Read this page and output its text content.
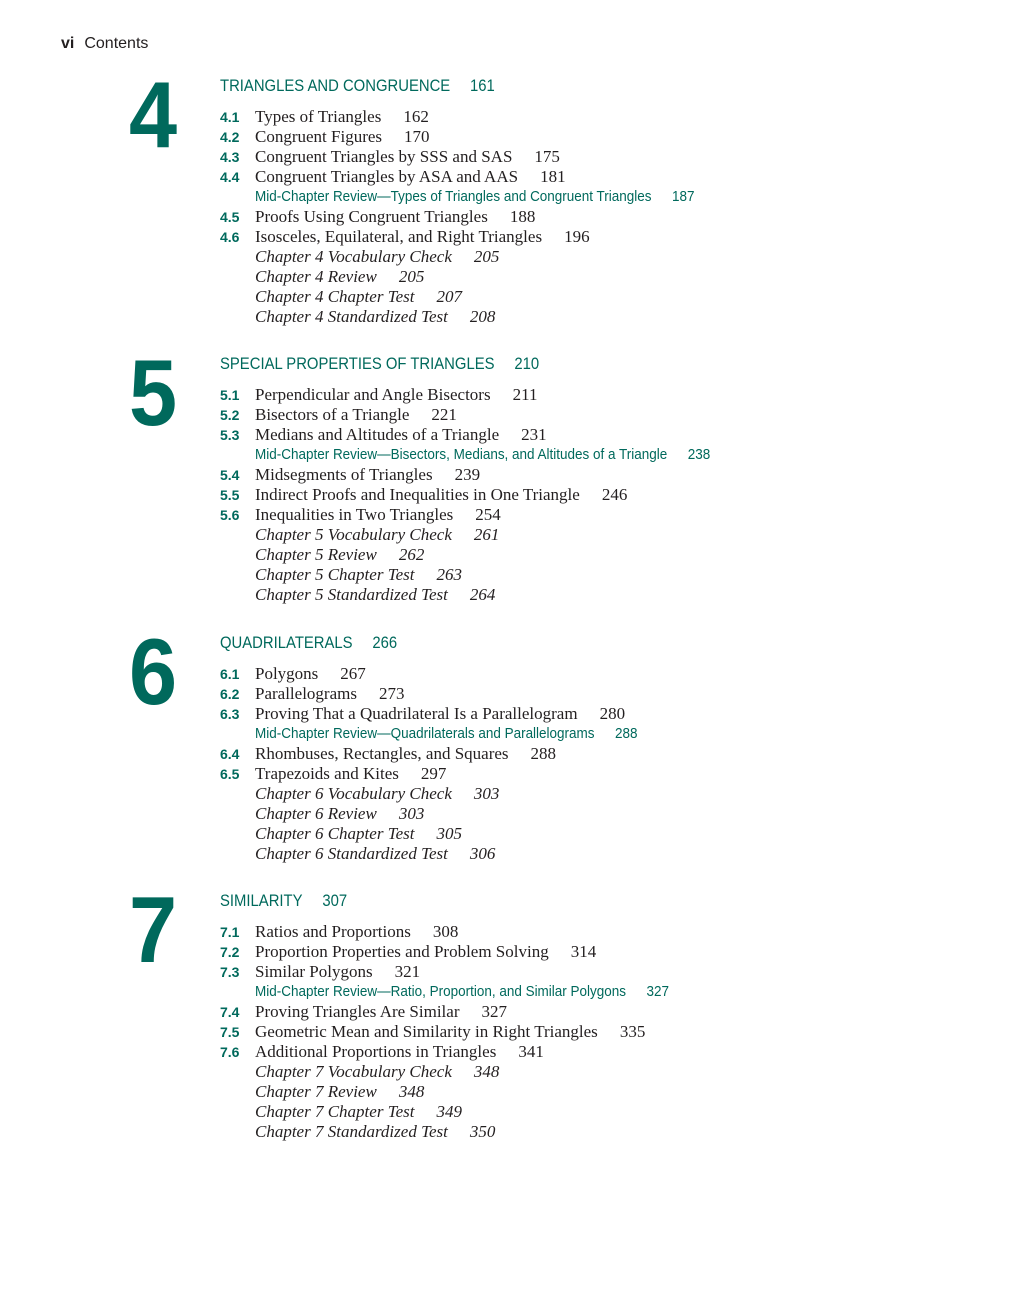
vi Contents
4	TRIANGLES AND CONGRUENCE 161
4.1 Types of Triangles 162
4.2 Congruent Figures 170
4.3 Congruent Triangles by SSS and SAS 175
4.4 Congruent Triangles by ASA and AAS 181
Mid-Chapter Review—Types of Triangles and Congruent Triangles 187
4.5 Proofs Using Congruent Triangles 188
4.6 Isosceles, Equilateral, and Right Triangles 196
Chapter 4 Vocabulary Check 205
Chapter 4 Review 205
Chapter 4 Chapter Test 207
Chapter 4 Standardized Test 208
5	SPECIAL PROPERTIES OF TRIANGLES 210
5.1 Perpendicular and Angle Bisectors 211
5.2 Bisectors of a Triangle 221
5.3 Medians and Altitudes of a Triangle 231
Mid-Chapter Review—Bisectors, Medians, and Altitudes of a Triangle 238
5.4 Midsegments of Triangles 239
5.5 Indirect Proofs and Inequalities in One Triangle 246
5.6 Inequalities in Two Triangles 254
Chapter 5 Vocabulary Check 261
Chapter 5 Review 262
Chapter 5 Chapter Test 263
Chapter 5 Standardized Test 264
6	QUADRILATERALS 266
6.1 Polygons 267
6.2 Parallelograms 273
6.3 Proving That a Quadrilateral Is a Parallelogram 280
Mid-Chapter Review—Quadrilaterals and Parallelograms 288
6.4 Rhombuses, Rectangles, and Squares 288
6.5 Trapezoids and Kites 297
Chapter 6 Vocabulary Check 303
Chapter 6 Review 303
Chapter 6 Chapter Test 305
Chapter 6 Standardized Test 306
7	SIMILARITY 307
7.1 Ratios and Proportions 308
7.2 Proportion Properties and Problem Solving 314
7.3 Similar Polygons 321
Mid-Chapter Review—Ratio, Proportion, and Similar Polygons 327
7.4 Proving Triangles Are Similar 327
7.5 Geometric Mean and Similarity in Right Triangles 335
7.6 Additional Proportions in Triangles 341
Chapter 7 Vocabulary Check 348
Chapter 7 Review 348
Chapter 7 Chapter Test 349
Chapter 7 Standardized Test 350
